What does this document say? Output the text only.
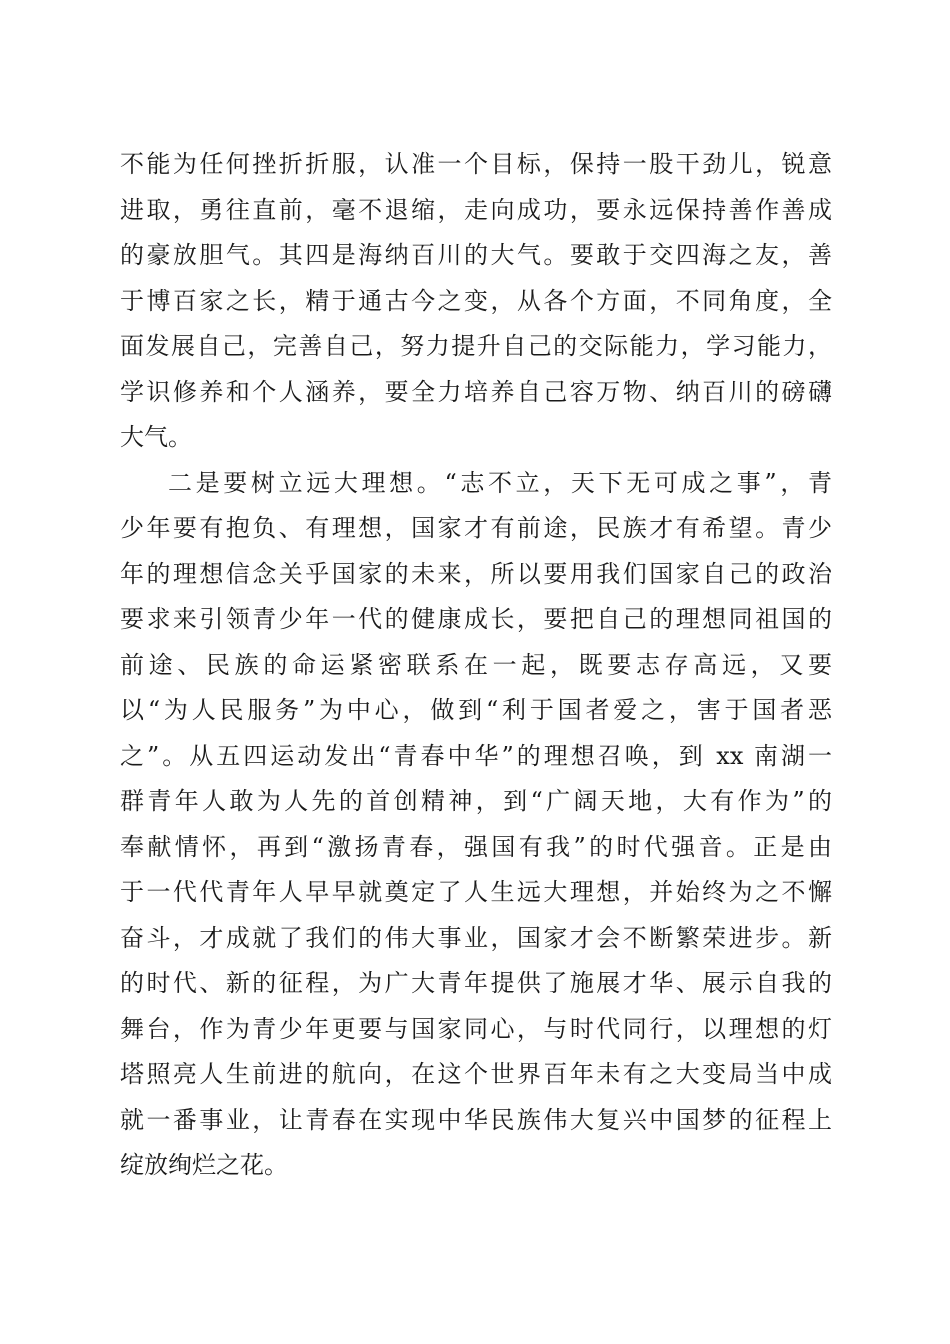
不能为任何挫折折服，认准一个目标，保持一股干劲儿，锐意
进取，勇往直前，毫不退缩，走向成功，要永远保持善作善成
的豪放胆气。其四是海纳百川的大气。要敢于交四海之友，善
于博百家之长，精于通古今之变，从各个方面，不同角度，全
面发展自己，完善自己，努力提升自己的交际能力，学习能力，
学识修养和个人涵养，要全力培养自己容万物、纳百川的磅礴
大气。
二是要树立远大理想。“志不立，天下无可成之事”，青
少年要有抱负、有理想，国家才有前途，民族才有希望。青少
年的理想信念关乎国家的未来，所以要用我们国家自己的政治
要求来引领青少年一代的健康成长，要把自己的理想同祖国的
前途、民族的命运紧密联系在一起，既要志存高远，又要
以“为人民服务”为中心，做到“利于国者爱之，害于国者恶
之”。从五四运动发出“青春中华”的理想召唤，到 xx 南湖一
群青年人敢为人先的首创精神，到“广阔天地，大有作为”的
奉献情怀，再到“激扬青春，强国有我”的时代强音。正是由
于一代代青年人早早就奠定了人生远大理想，并始终为之不懈
奋斗，才成就了我们的伟大事业，国家才会不断繁荣进步。新
的时代、新的征程，为广大青年提供了施展才华、展示自我的
舞台，作为青少年更要与国家同心，与时代同行，以理想的灯
塔照亮人生前进的航向，在这个世界百年未有之大变局当中成
就一番事业，让青春在实现中华民族伟大复兴中国梦的征程上
绽放绚烂之花。
